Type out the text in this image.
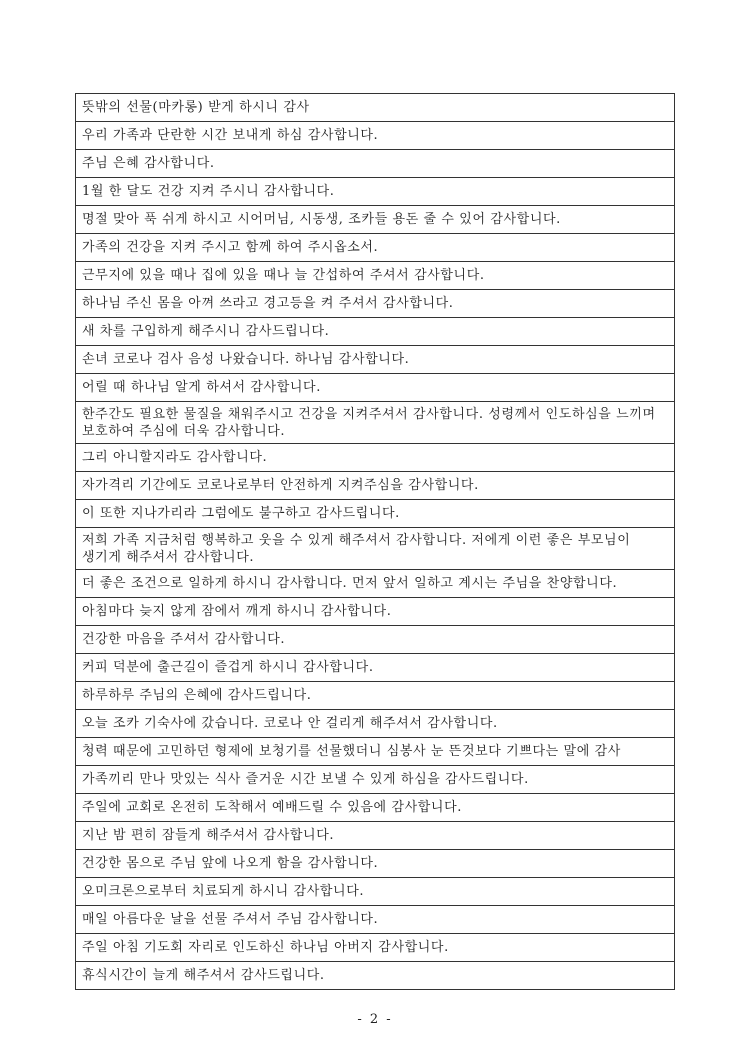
뜻밖의 선물(마카롱) 받게 하시니 감사
우리 가족과 단란한 시간 보내게 하심 감사합니다.
주님 은혜 감사합니다.
1월 한 달도 건강 지켜 주시니 감사합니다.
명절 맞아 푹 쉬게 하시고 시어머님, 시동생, 조카들 용돈 줄 수 있어 감사합니다.
가족의 건강을 지켜 주시고 함께 하여 주시옵소서.
근무지에 있을 때나 집에 있을 때나 늘 간섭하여 주셔서 감사합니다.
하나님 주신 몸을 아껴 쓰라고 경고등을 켜 주셔서 감사합니다.
새 차를 구입하게 해주시니 감사드립니다.
손녀 코로나 검사 음성 나왔습니다. 하나님 감사합니다.
어릴 때 하나님 알게 하셔서 감사합니다.
한주간도 필요한 물질을 채워주시고 건강을 지켜주셔서 감사합니다. 성령께서 인도하심을 느끼며 보호하여 주심에 더욱 감사합니다.
그리 아니할지라도 감사합니다.
자가격리 기간에도 코로나로부터 안전하게 지켜주심을 감사합니다.
이 또한 지나가리라 그럼에도 불구하고 감사드립니다.
저희 가족 지금처럼 행복하고 웃을 수 있게 해주셔서 감사합니다. 저에게 이런 좋은 부모님이 생기게 해주셔서 감사합니다.
더 좋은 조건으로 일하게 하시니 감사합니다. 먼저 앞서 일하고 계시는 주님을 찬양합니다.
아침마다 늦지 않게 잠에서 깨게 하시니 감사합니다.
건강한 마음을 주셔서 감사합니다.
커피 덕분에 출근길이 즐겁게 하시니 감사합니다.
하루하루 주님의 은혜에 감사드립니다.
오늘 조카 기숙사에 갔습니다. 코로나 안 걸리게 해주셔서 감사합니다.
청력 때문에 고민하던 형제에 보청기를 선물했더니 심봉사 눈 뜬것보다 기쁘다는 말에 감사
가족끼리 만나 맛있는 식사 즐거운 시간 보낼 수 있게 하심을 감사드립니다.
주일에 교회로 온전히 도착해서 예배드릴 수 있음에 감사합니다.
지난 밤 편히 잠들게 해주셔서 감사합니다.
건강한 몸으로 주님 앞에 나오게 함을 감사합니다.
오미크론으로부터 치료되게 하시니 감사합니다.
매일 아름다운 날을 선물 주셔서 주님 감사합니다.
주일 아침 기도회 자리로 인도하신 하나님 아버지 감사합니다.
휴식시간이 늘게 해주셔서 감사드립니다.
- 2 -
